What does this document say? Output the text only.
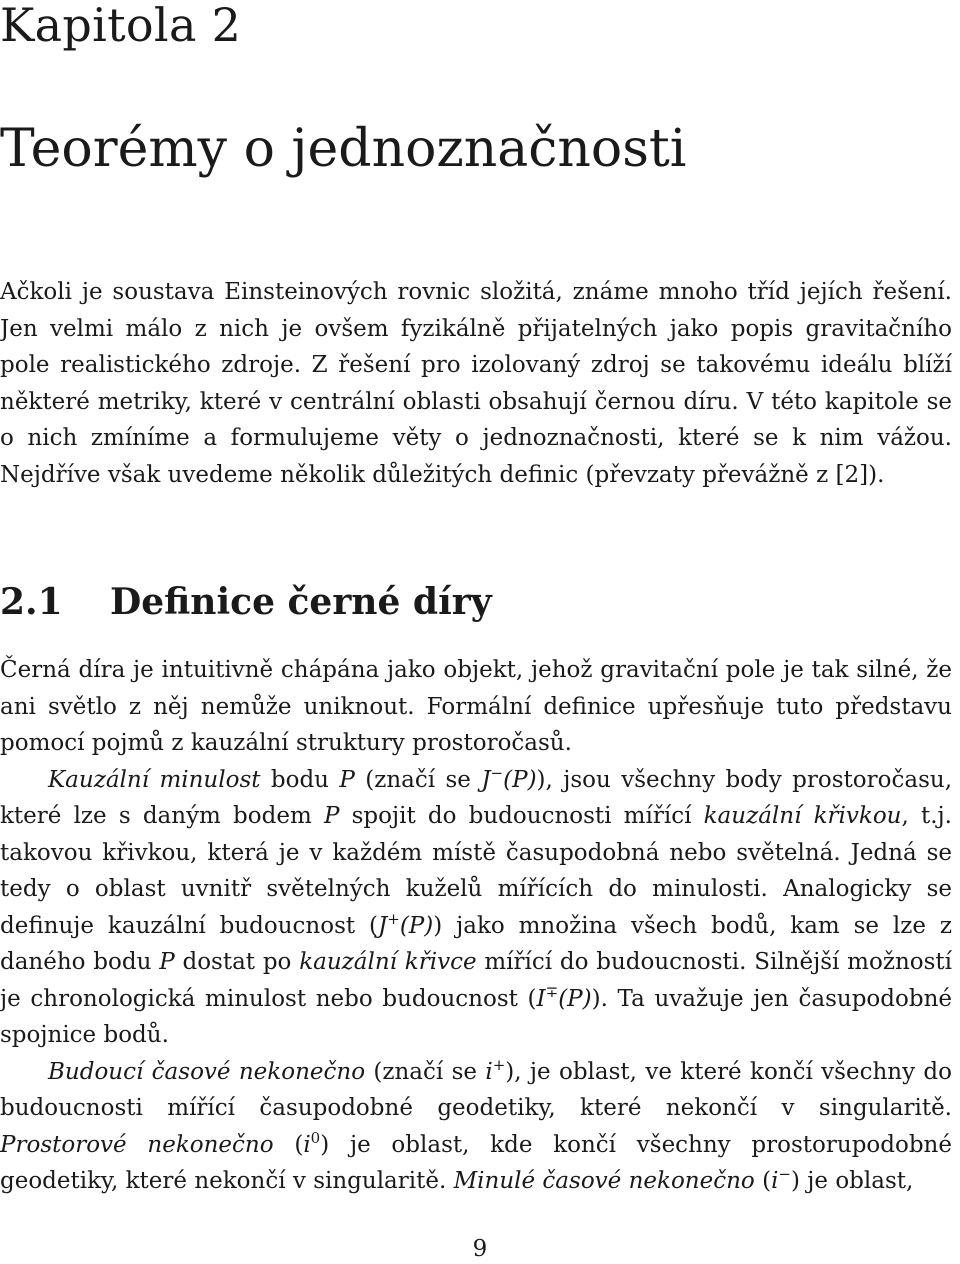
Kapitola 2
Teorémy o jednoznačnosti

Ačkoli je soustava Einsteinových rovnic složitá, známe mnoho tříd jejích řešení. Jen velmi málo z nich je ovšem fyzikálně přijatelných jako popis gravitačního pole realistického zdroje. Z řešení pro izolovaný zdroj se takovému ideálu blíží některé metriky, které v centrální oblasti obsahují černou díru. V této kapitole se o nich zmíníme a formulujeme věty o jednoznačnosti, které se k nim vážou. Nejdříve však uvedeme několik důležitých definic (převzaty převážně z [2]).

2.1 Definice černé díry

Černá díra je intuitivně chápána jako objekt, jehož gravitační pole je tak silné, že ani světlo z něj nemůže uniknout. Formální definice upřesňuje tuto představu pomocí pojmů z kauzální struktury prostoročasů.

Kauzální minulost bodu P (značí se J−(P)), jsou všechny body prostoročasu, které lze s daným bodem P spojit do budoucnosti mířící kauzální křivkou, t.j. takovou křivkou, která je v každém místě časupodobná nebo světelná. Jedná se tedy o oblast uvnitř světelných kuželů mířících do minulosti. Analogicky se definuje kauzální budoucnost (J+(P)) jako množina všech bodů, kam se lze z daného bodu P dostat po kauzální křivce mířící do budoucnosti. Silnější možností je chronologická minulost nebo budoucnost (I∓(P)). Ta uvažuje jen časupodobné spojnice bodů.

Budoucí časové nekonečno (značí se i+), je oblast, ve které končí všechny do budoucnosti mířící časupodobné geodetiky, které nekončí v singularitě. Prostorové nekonečno $(i^0)$ je oblast, kde končí všechny prostorupodobné geodetiky, které nekončí v singularitě. Minulé časové nekonečno (i−) je oblast,

9
